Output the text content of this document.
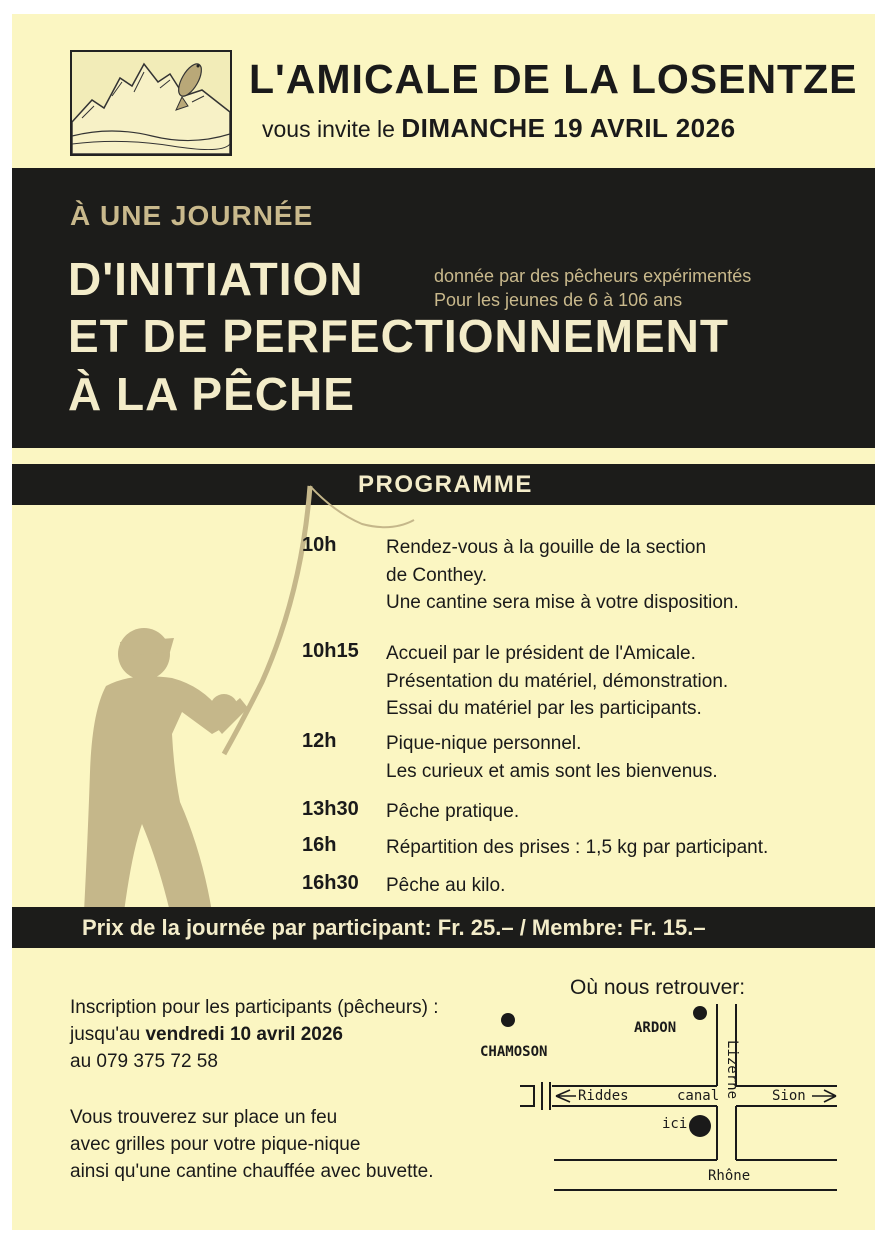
L'AMICALE DE LA LOSENTZE
vous invite le DIMANCHE 19 AVRIL 2026
À UNE JOURNÉE
D'INITIATION
ET DE PERFECTIONNEMENT
À LA PÊCHE
donnée par des pêcheurs expérimentés
Pour les jeunes de 6 à 106 ans
PROGRAMME
10h	Rendez-vous à la gouille de la section
de Conthey.
Une cantine sera mise à votre disposition.
10h15 Accueil par le président de l'Amicale.
Présentation du matériel, démonstration.
Essai du matériel par les participants.
12h	Pique-nique personnel.
Les curieux et amis sont les bienvenus.
13h30 Pêche pratique.
16h	Répartition des prises : 1,5 kg par participant.
16h30 Pêche au kilo.
Prix de la journée par participant: Fr. 25.– / Membre: Fr. 15.–
Inscription pour les participants (pêcheurs) :
jusqu'au vendredi 10 avril 2026
au 079 375 72 58
Vous trouverez sur place un feu
avec grilles pour votre pique-nique
ainsi qu'une cantine chauffée avec buvette.
Où nous retrouver:
CHAMOSON
ARDON
Lizerne
Riddes	canal	Sion
ici
Rhône
